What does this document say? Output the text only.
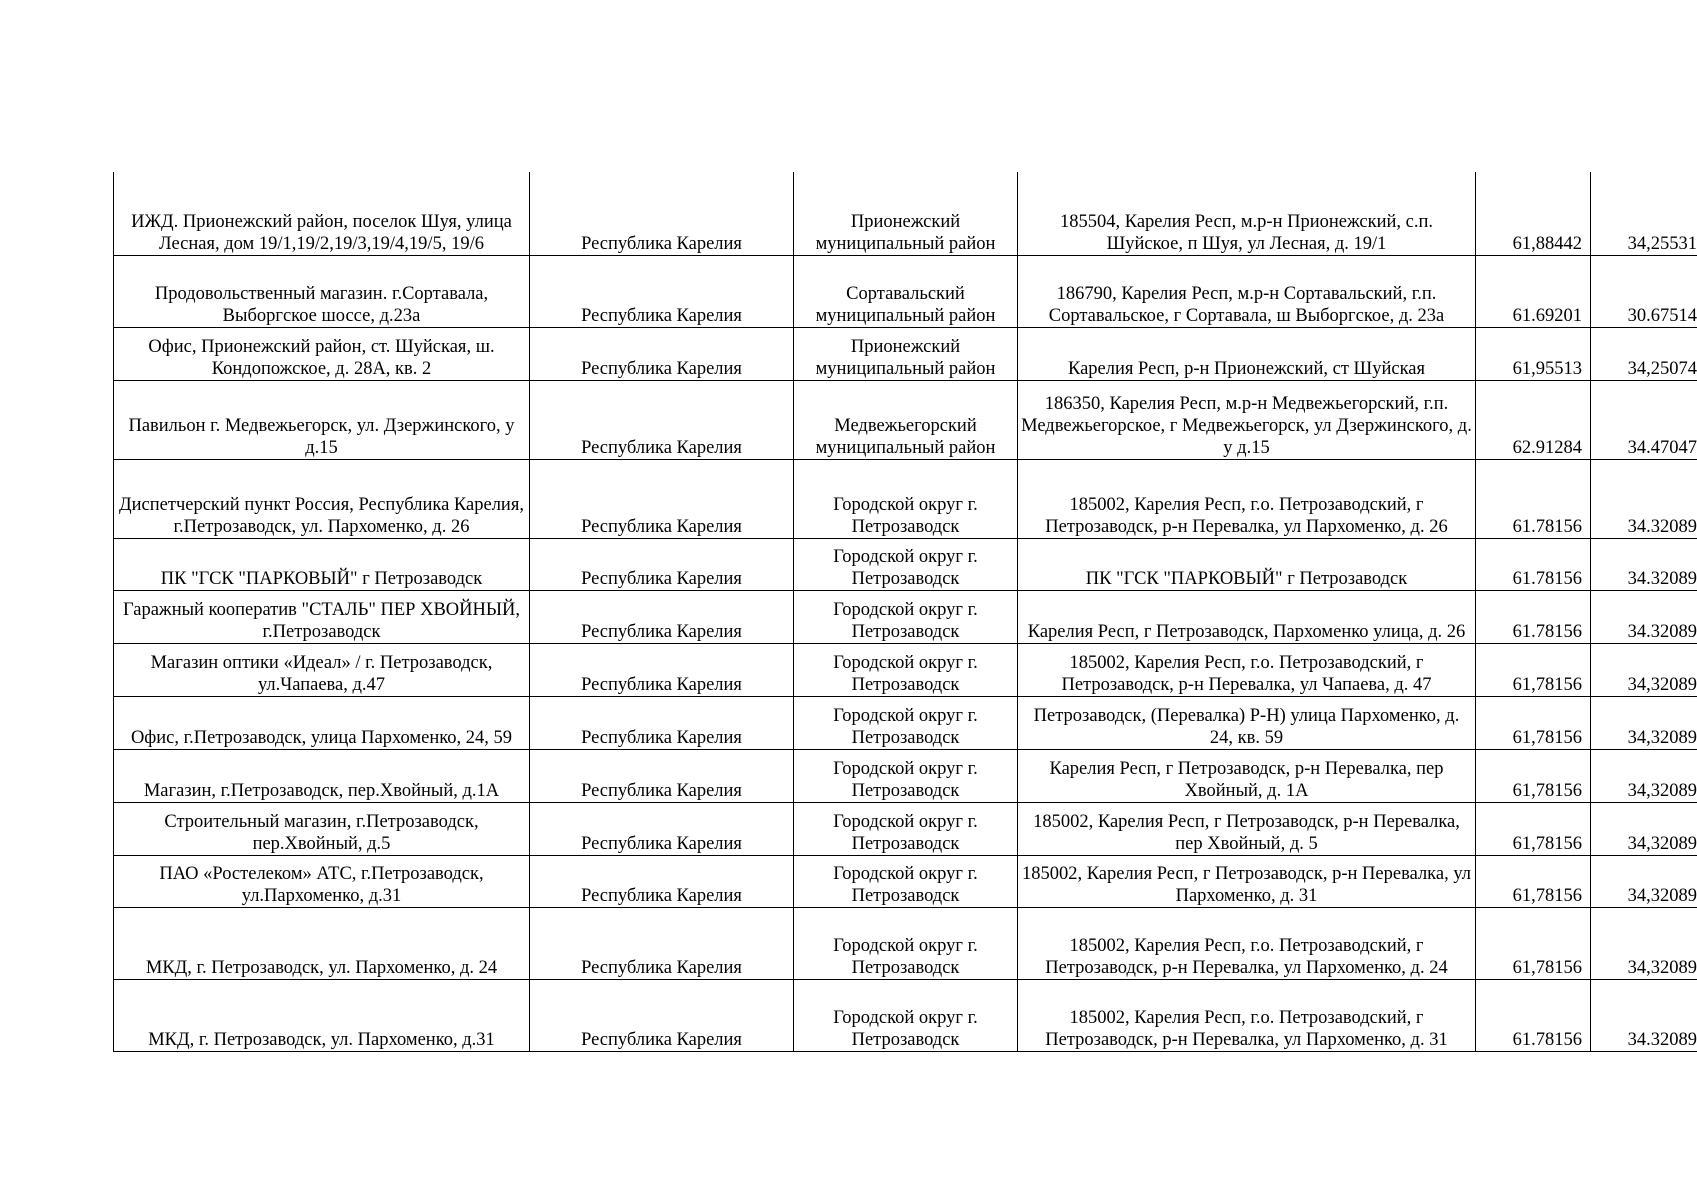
ИЖД. Прионежский район, поселок Шуя, улица Лесная, дом 19/1,19/2,19/3,19/4,19/5, 19/6	Республика Карелия	Прионежский муниципальный район	185504, Карелия Респ, м.р-н Прионежский, с.п. Шуйское, п Шуя, ул Лесная, д. 19/1	61,88442	34,25531
Продовольственный магазин. г.Сортавала, Выборгское шоссе, д.23а	Республика Карелия	Сортавальский муниципальный район	186790, Карелия Респ, м.р-н Сортавальский, г.п. Сортавальское, г Сортавала, ш Выборгское, д. 23а	61.69201	30.67514
Офис, Прионежский район, ст. Шуйская, ш. Кондопожское, д. 28А, кв. 2	Республика Карелия	Прионежский муниципальный район	Карелия Респ, р-н Прионежский, ст Шуйская	61,95513	34,25074
Павильон г. Медвежьегорск, ул. Дзержинского, у д.15	Республика Карелия	Медвежьегорский муниципальный район	186350, Карелия Респ, м.р-н Медвежьегорский, г.п. Медвежьегорское, г Медвежьегорск, ул Дзержинского, д. у д.15	62.91284	34.47047
Диспетчерский пункт Россия, Республика Карелия, г.Петрозаводск, ул. Пархоменко, д. 26	Республика Карелия	Городской округ г. Петрозаводск	185002, Карелия Респ, г.о. Петрозаводский, г Петрозаводск, р-н Перевалка, ул Пархоменко, д. 26	61.78156	34.32089
ПК "ГСК "ПАРКОВЫЙ" г Петрозаводск	Республика Карелия	Городской округ г. Петрозаводск	ПК "ГСК "ПАРКОВЫЙ" г Петрозаводск	61.78156	34.32089
Гаражный кооператив "СТАЛЬ" ПЕР ХВОЙНЫЙ, г.Петрозаводск	Республика Карелия	Городской округ г. Петрозаводск	Карелия Респ, г Петрозаводск, Пархоменко улица, д. 26	61.78156	34.32089
Магазин оптики «Идеал» / г. Петрозаводск, ул.Чапаева, д.47	Республика Карелия	Городской округ г. Петрозаводск	185002, Карелия Респ, г.о. Петрозаводский, г Петрозаводск, р-н Перевалка, ул Чапаева, д. 47	61,78156	34,32089
Офис, г.Петрозаводск, улица Пархоменко, 24, 59	Республика Карелия	Городской округ г. Петрозаводск	Петрозаводск, (Перевалка) Р-Н) улица Пархоменко, д. 24, кв. 59	61,78156	34,32089
Магазин, г.Петрозаводск, пер.Хвойный, д.1А	Республика Карелия	Городской округ г. Петрозаводск	Карелия Респ, г Петрозаводск, р-н Перевалка, пер Хвойный, д. 1А	61,78156	34,32089
Строительный магазин, г.Петрозаводск, пер.Хвойный, д.5	Республика Карелия	Городской округ г. Петрозаводск	185002, Карелия Респ, г Петрозаводск, р-н Перевалка, пер Хвойный, д. 5	61,78156	34,32089
ПАО «Ростелеком» АТС, г.Петрозаводск, ул.Пархоменко, д.31	Республика Карелия	Городской округ г. Петрозаводск	185002, Карелия Респ, г Петрозаводск, р-н Перевалка, ул Пархоменко, д. 31	61,78156	34,32089
МКД, г. Петрозаводск, ул. Пархоменко, д. 24	Республика Карелия	Городской округ г. Петрозаводск	185002, Карелия Респ, г.о. Петрозаводский, г Петрозаводск, р-н Перевалка, ул Пархоменко, д. 24	61,78156	34,32089
МКД, г. Петрозаводск, ул. Пархоменко, д.31	Республика Карелия	Городской округ г. Петрозаводск	185002, Карелия Респ, г.о. Петрозаводский, г Петрозаводск, р-н Перевалка, ул Пархоменко, д. 31	61.78156	34.32089
